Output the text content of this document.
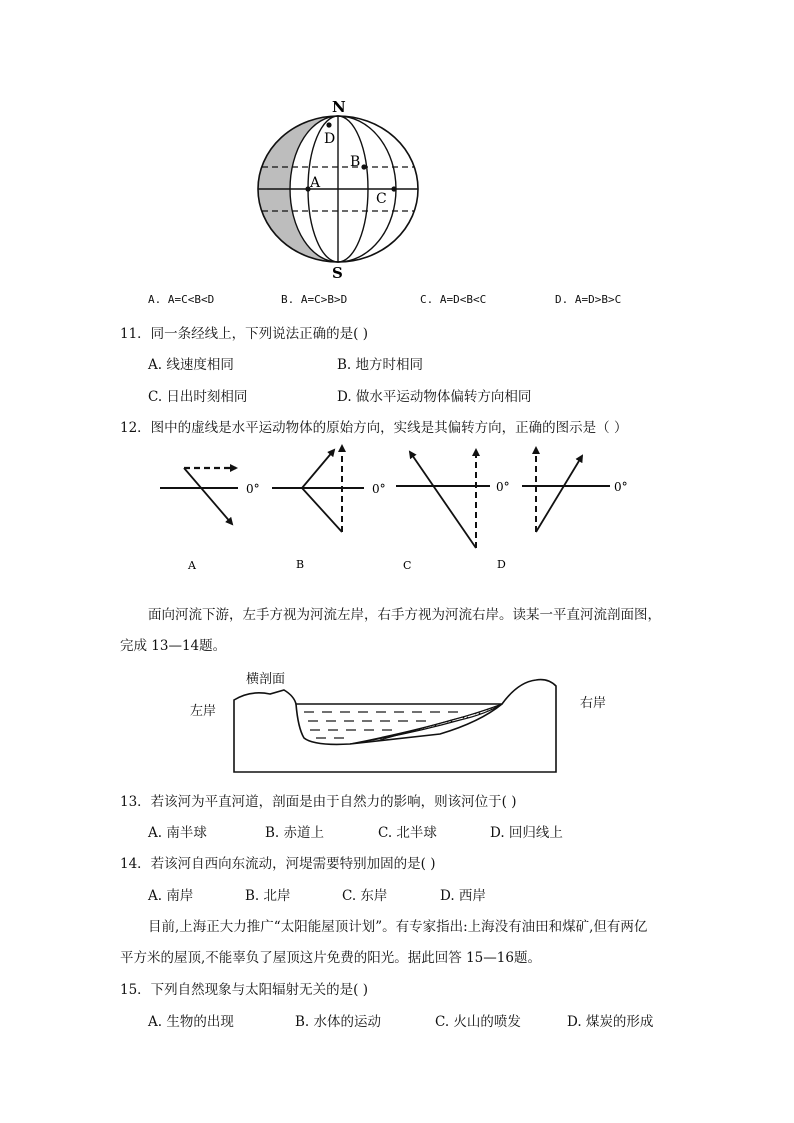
N
S
D
B
A
C
A. A=C<B<D	B. A=C>B>D	C. A=D<B<C	D. A=D>B>C
11．同一条经线上，下列说法正确的是( )
A. 线速度相同	B. 地方时相同
C. 日出时刻相同	D. 做水平运动物体偏转方向相同
12．图中的虚线是水平运动物体的原始方向，实线是其偏转方向，正确的图示是（ ）
0°	0°	0°	0°
A	B	C	D
面向河流下游，左手方视为河流左岸，右手方视为河流右岸。读某一平直河流剖面图，
完成 13—14题。
横剖面
左岸
右岸
13．若该河为平直河道，剖面是由于自然力的影响，则该河位于( )
A. 南半球	B. 赤道上	C. 北半球	D. 回归线上
14．若该河自西向东流动，河堤需要特别加固的是( )
A. 南岸	B. 北岸	C. 东岸	D. 西岸
目前,上海正大力推广“太阳能屋顶计划”。有专家指出:上海没有油田和煤矿,但有两亿
平方米的屋顶,不能辜负了屋顶这片免费的阳光。据此回答 15—16题。
15．下列自然现象与太阳辐射无关的是( )
A. 生物的出现	B. 水体的运动	C. 火山的喷发	D. 煤炭的形成
